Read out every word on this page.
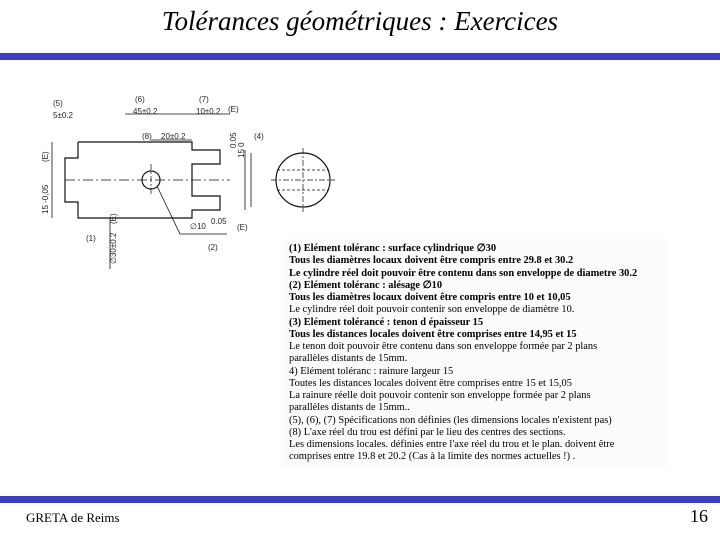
Tolérances géométriques : Exercices
(5)	(6)	(7)
(8)	(4)
(1)
(2)
5±0.2	45±0.2	10±0.2
20±0.2
(E)
0.05
15 0
15 -0,05
(E)
∅30±0.2
(E)
∅10
0.05
(E)
(1) Elément toléranc : surface cylindrique ∅30
Tous les diamètres locaux doivent être compris entre 29.8 et 30.2
Le cylindre réel doit pouvoir être contenu dans son enveloppe de diametre 30.2
(2) Elément toléranc : alésage ∅10
Tous les diamètres locaux doivent être compris entre 10 et 10,05
Le cylindre réel doit pouvoir contenir son enveloppe de diamètre 10.
(3) Elément tolérancé : tenon d épaisseur 15
Tous les distances locales doivent être comprises entre 14,95 et 15
Le tenon doit pouvoir être contenu dans son enveloppe formée par 2 plans
parallèles distants de 15mm.
4) Elément toléranc : rainure largeur 15
Toutes les distances locales doivent être comprises entre 15 et 15,05
La rainure réelle doit pouvoir contenir son enveloppe formée par 2 plans
parallèles distants de 15mm..
(5), (6), (7) Spécifications non définies (les dimensions locales n'existent pas)
(8) L'axe réel du trou est défini par le lieu des centres des sections.
Les dimensions locales. définies entre l'axe réel du trou et le plan. doivent être
comprises entre 19.8 et 20.2 (Cas à la limite des normes actuelles !) .
GRETA de Reims	16
